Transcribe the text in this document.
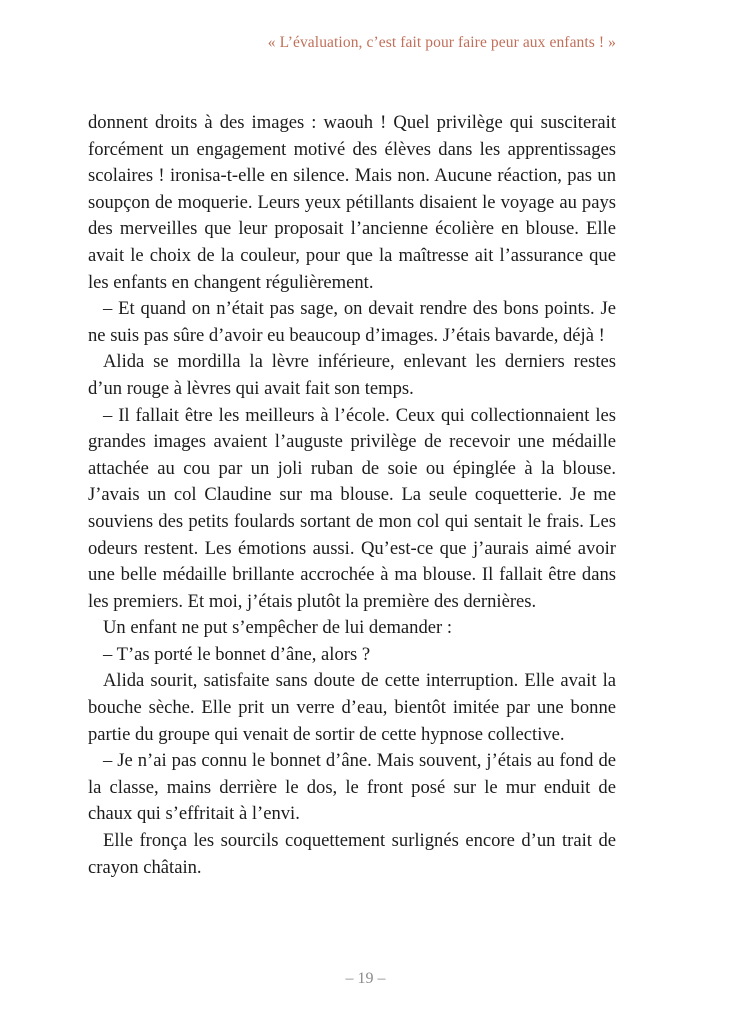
« L’évaluation, c’est fait pour faire peur aux enfants ! »

donnent droits à des images : waouh ! Quel privilège qui susciterait forcément un engagement motivé des élèves dans les apprentissages scolaires ! ironisa-t-elle en silence. Mais non. Aucune réaction, pas un soupçon de moquerie. Leurs yeux pétillants disaient le voyage au pays des merveilles que leur proposait l’ancienne écolière en blouse. Elle avait le choix de la couleur, pour que la maîtresse ait l’assurance que les enfants en changent régulièrement.

– Et quand on n’était pas sage, on devait rendre des bons points. Je ne suis pas sûre d’avoir eu beaucoup d’images. J’étais bavarde, déjà !

Alida se mordilla la lèvre inférieure, enlevant les derniers restes d’un rouge à lèvres qui avait fait son temps.

– Il fallait être les meilleurs à l’école. Ceux qui collectionnaient les grandes images avaient l’auguste privilège de recevoir une médaille attachée au cou par un joli ruban de soie ou épinglée à la blouse. J’avais un col Claudine sur ma blouse. La seule coquetterie. Je me souviens des petits foulards sortant de mon col qui sentait le frais. Les odeurs restent. Les émotions aussi. Qu’est-ce que j’aurais aimé avoir une belle médaille brillante accrochée à ma blouse. Il fallait être dans les premiers. Et moi, j’étais plutôt la première des dernières.

Un enfant ne put s’empêcher de lui demander :

– T’as porté le bonnet d’âne, alors ?

Alida sourit, satisfaite sans doute de cette interruption. Elle avait la bouche sèche. Elle prit un verre d’eau, bientôt imitée par une bonne partie du groupe qui venait de sortir de cette hypnose collective.

– Je n’ai pas connu le bonnet d’âne. Mais souvent, j’étais au fond de la classe, mains derrière le dos, le front posé sur le mur enduit de chaux qui s’effritait à l’envi.

Elle fronça les sourcils coquettement surlignés encore d’un trait de crayon châtain.

– 19 –
